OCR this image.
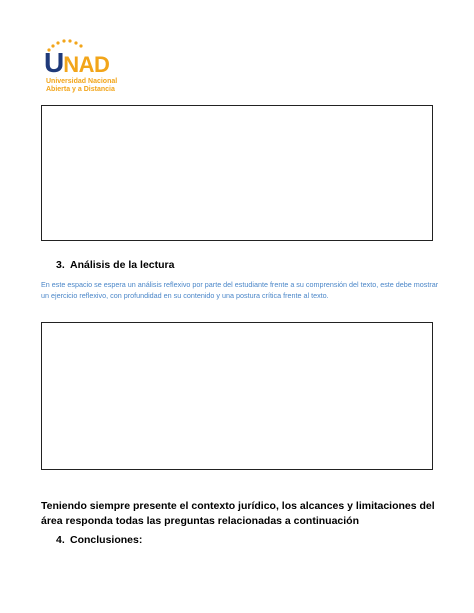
U NAD
Universidad Nacional
Abierta y a Distancia
3. Análisis de la lectura
En este espacio se espera un análisis reflexivo por parte del estudiante frente a su comprensión del texto, este debe mostrar un ejercicio reflexivo, con profundidad en su contenido y una postura crítica frente al texto.
Teniendo siempre presente el contexto jurídico, los alcances y limitaciones del área responda todas las preguntas relacionadas a continuación
4. Conclusiones:
